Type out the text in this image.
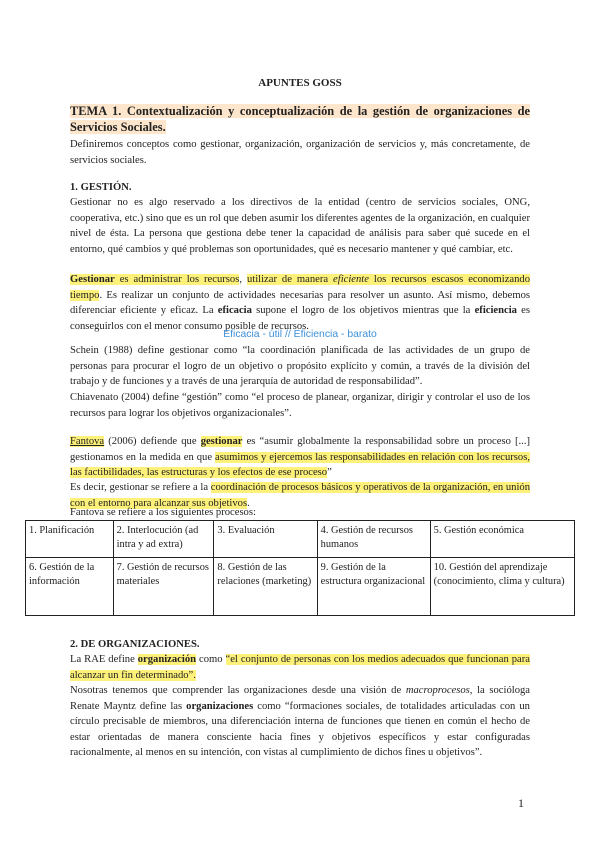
APUNTES GOSS
TEMA 1. Contextualización y conceptualización de la gestión de organizaciones de Servicios Sociales.
Definiremos conceptos como gestionar, organización, organización de servicios y, más concretamente, de servicios sociales.
1. GESTIÓN.
Gestionar no es algo reservado a los directivos de la entidad (centro de servicios sociales, ONG, cooperativa, etc.) sino que es un rol que deben asumir los diferentes agentes de la organización, en cualquier nivel de ésta. La persona que gestiona debe tener la capacidad de análisis para saber qué sucede en el entorno, qué cambios y qué problemas son oportunidades, qué es necesario mantener y qué cambiar, etc.
Gestionar es administrar los recursos, utilizar de manera eficiente los recursos escasos economizando tiempo. Es realizar un conjunto de actividades necesarias para resolver un asunto. Así mismo, debemos diferenciar eficiente y eficaz. La eficacia supone el logro de los objetivos mientras que la eficiencia es conseguirlos con el menor consumo posible de recursos.
Eficacia - útil // Eficiencia - barato
Schein (1988) define gestionar como “la coordinación planificada de las actividades de un grupo de personas para procurar el logro de un objetivo o propósito explícito y común, a través de la división del trabajo y de funciones y a través de una jerarquía de autoridad de responsabilidad”.
Chiavenato (2004) define “gestión” como “el proceso de planear, organizar, dirigir y controlar el uso de los recursos para lograr los objetivos organizacionales”.
Fantova (2006) defiende que gestionar es “asumir globalmente la responsabilidad sobre un proceso [...] gestionamos en la medida en que asumimos y ejercemos las responsabilidades en relación con los recursos, las factibilidades, las estructuras y los efectos de ese proceso”
Es decir, gestionar se refiere a la coordinación de procesos básicos y operativos de la organización, en unión con el entorno para alcanzar sus objetivos.
Fantova se refiere a los siguientes procesos:
1. Planificación	2. Interlocución (ad intra y ad extra)	3. Evaluación	4. Gestión de recursos humanos	5. Gestión económica
6. Gestión de la información	7. Gestión de recursos materiales	8. Gestión de las relaciones (marketing)	9. Gestión de la estructura organizacional	10. Gestión del aprendizaje (conocimiento, clima y cultura)
2. DE ORGANIZACIONES.
La RAE define organización como “el conjunto de personas con los medios adecuados que funcionan para alcanzar un fin determinado”.
Nosotras tenemos que comprender las organizaciones desde una visión de macroprocesos, la socióloga Renate Mayntz define las organizaciones como “formaciones sociales, de totalidades articuladas con un círculo precisable de miembros, una diferenciación interna de funciones que tienen en común el hecho de estar orientadas de manera consciente hacia fines y objetivos específicos y estar configuradas racionalmente, al menos en su intención, con vistas al cumplimiento de dichos fines u objetivos”.
1
